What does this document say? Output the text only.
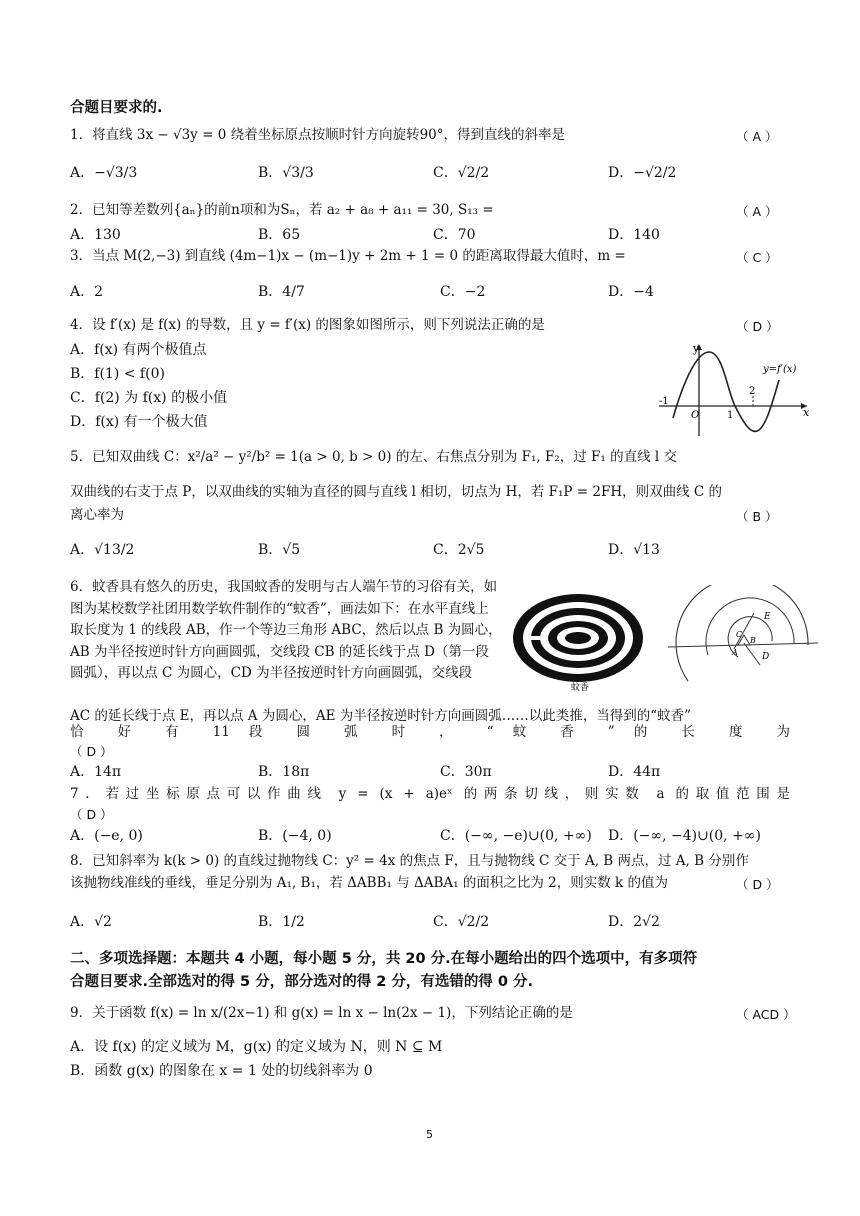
合题目要求的.
1．将直线 3x − √3y = 0 绕着坐标原点按顺时针方向旋转90°，得到直线的斜率是	（ A ）
A．−√3/3	B．√3/3	C．√2/2	D．−√2/2
2．已知等差数列{aₙ}的前n项和为Sₙ，若 a₂ + a₈ + a₁₁ = 30, S₁₃ =	（ A ）
A．130	B．65	C．70	D．140
3．当点 M(2,−3) 到直线 (4m−1)x − (m−1)y + 2m + 1 = 0 的距离取得最大值时，m =	（ C ）
A．2	B．4/7	C．−2	D．−4
4．设 f′(x) 是 f(x) 的导数，且 y = f′(x) 的图象如图所示，则下列说法正确的是	（ D ）
A．f(x) 有两个极值点
B．f(1) < f(0)
C．f(2) 为 f(x) 的极小值
D．f(x) 有一个极大值
y
x
y=f′(x)
-1
O	1
2
5．已知双曲线 C：x²/a² − y²/b² = 1(a > 0, b > 0) 的左、右焦点分别为 F₁, F₂，过 F₁ 的直线 l 交
双曲线的右支于点 P，以双曲线的实轴为直径的圆与直线 l 相切，切点为 H，若 F₁P = 2FH，则双曲线 C 的
离心率为	（ B ）
A．√13/2	B．√5	C．2√5	D．√13
6．蚊香具有悠久的历史，我国蚊香的发明与古人端午节的习俗有关，如图为某校数学社团用数学软件制作的“蚊香”，画法如下：在水平直线上取长度为 1 的线段 AB，作一个等边三角形 ABC，然后以点 B 为圆心，AB 为半径按逆时针方向画圆弧，交线段 CB 的延长线于点 D（第一段圆弧），再以点 C 为圆心，CD 为半径按逆时针方向画圆弧，交线段
AC 的延长线于点 E，再以点 A 为圆心，AE 为半径按逆时针方向画圆弧……以此类推，当得到的“蚊香”
恰 好 有 11 段 圆 弧 时 ， “ 蚊 香 ” 的 长 度 为
（ D ）
A．14π	B．18π	C．30π	D．44π
蚊香
E
C
B
A	D
7．若过坐标原点可以作曲线 y = (x + a)eˣ 的两条切线，则实数 a 的取值范围是
（ D ）
A．(−e, 0)	B．(−4, 0)	C．(−∞, −e)∪(0, +∞) D．(−∞, −4)∪(0, +∞)
8．已知斜率为 k(k > 0) 的直线过抛物线 C：y² = 4x 的焦点 F，且与抛物线 C 交于 A, B 两点，过 A, B 分别作
该抛物线准线的垂线，垂足分别为 A₁, B₁，若 ΔABB₁ 与 ΔABA₁ 的面积之比为 2，则实数 k 的值为	（ D ）
A．√2	B．1/2	C．√2/2	D．2√2
二、多项选择题：本题共 4 小题，每小题 5 分，共 20 分.在每小题给出的四个选项中，有多项符
合题目要求.全部选对的得 5 分，部分选对的得 2 分，有选错的得 0 分.
9．关于函数 f(x) = ln x/(2x−1) 和 g(x) = ln x − ln(2x − 1)，下列结论正确的是	（ ACD ）
A．设 f(x) 的定义域为 M，g(x) 的定义域为 N，则 N ⊆ M
B．函数 g(x) 的图象在 x = 1 处的切线斜率为 0
5
